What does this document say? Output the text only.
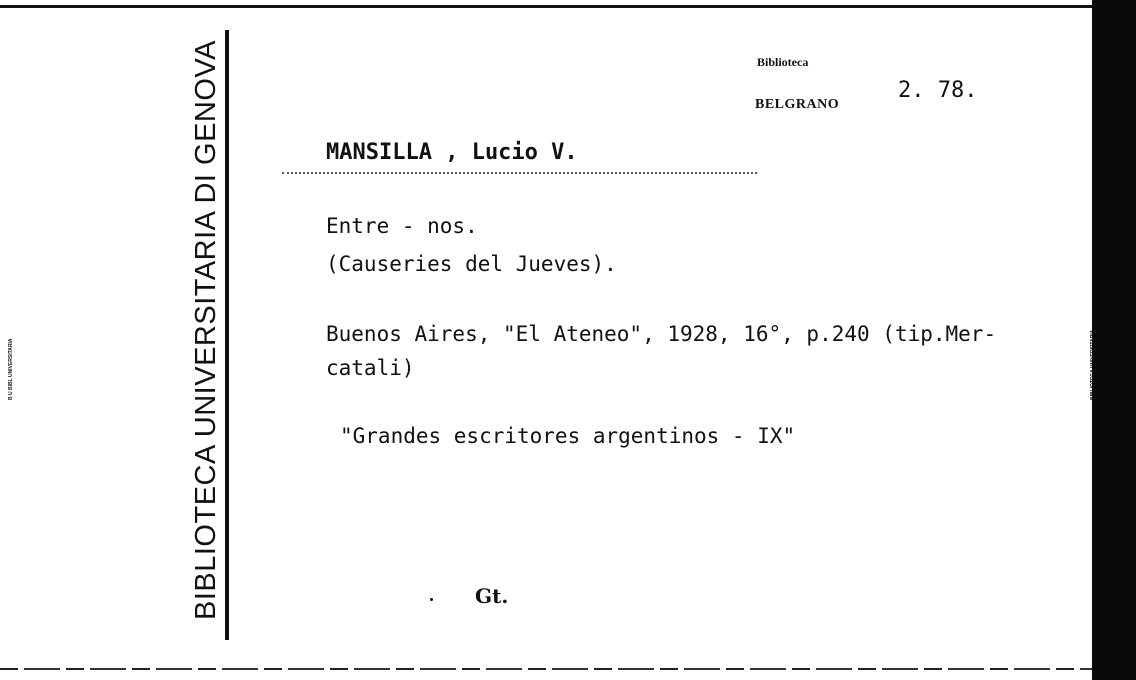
B U BIBL UNIVERSITARIA	BIBLIOTECA UNIVERSITARIA
BIBLIOTECA UNIVERSITARIA DI GENOVA	Biblioteca
BELGRANO
2. 78.
MANSILLA , Lucio V.
Entre - nos.
(Causeries del Jueves).
Buenos Aires, "El Ateneo", 1928, 16°, p.240 (tip.Mer-
catali)
"Grandes escritores argentinos - IX"
Gt.
